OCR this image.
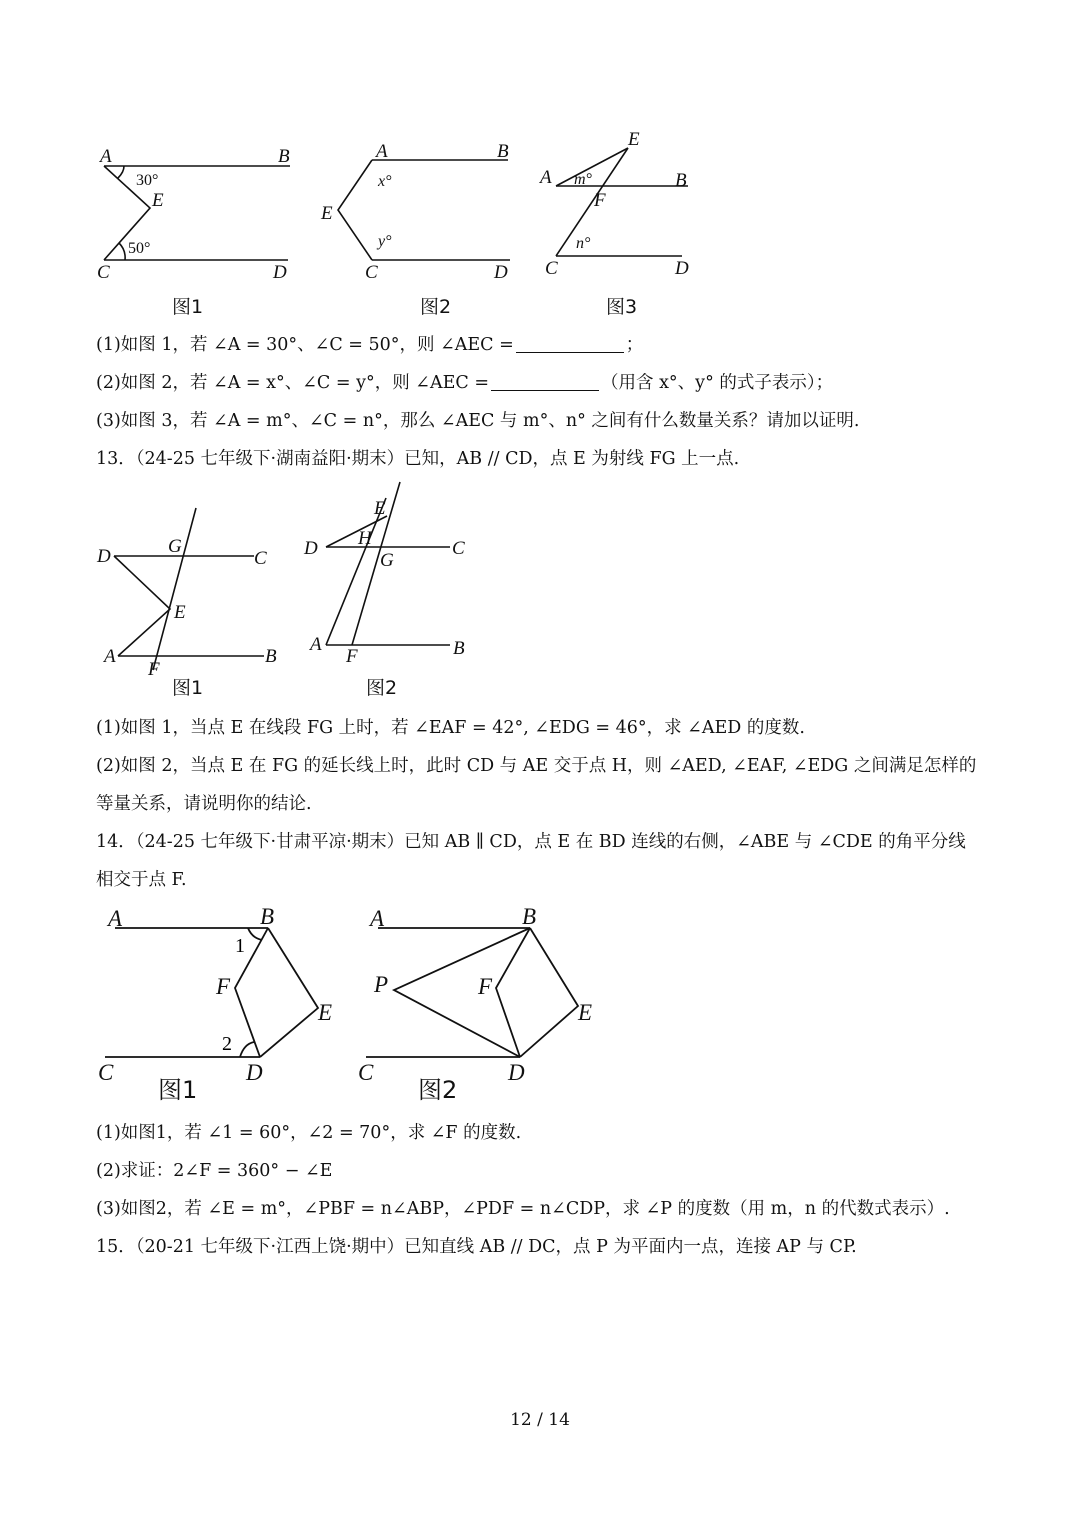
A	B
E
C	D
30°
50°
图1
A	B
E
C	D
x°
y°
图2
A	B
E
F
C	D
m°
n°
图3
(1)如图 1，若 ∠A = 30°、∠C = 50°，则 ∠AEC =	；
(2)如图 2，若 ∠A = x°、∠C = y°，则 ∠AEC =	（用含 x°、y° 的式子表示）；
(3)如图 3，若 ∠A = m°、∠C = n°，那么 ∠AEC 与 m°、n° 之间有什么数量关系？请加以证明.
13．（24-25 七年级下·湖南益阳·期末）已知，AB // CD，点 E 为射线 FG 上一点.
D	G
C
E
A
F
B
图1
D
E
H
G
C
A
F	B
图2
(1)如图 1，当点 E 在线段 FG 上时，若 ∠EAF = 42°, ∠EDG = 46°，求 ∠AED 的度数.
(2)如图 2，当点 E 在 FG 的延长线上时，此时 CD 与 AE 交于点 H，则 ∠AED, ∠EAF, ∠EDG 之间满足怎样的
等量关系，请说明你的结论.
14．（24-25 七年级下·甘肃平凉·期末）已知 AB ∥ CD，点 E 在 BD 连线的右侧，∠ABE 与 ∠CDE 的角平分线
相交于点 F.
A	B
1
F
E
2
C	D
图1
A	B
P	F
E
C	D
图2
(1)如图1，若 ∠1 = 60°，∠2 = 70°，求 ∠F 的度数.
(2)求证：2∠F = 360° − ∠E
(3)如图2，若 ∠E = m°，∠PBF = n∠ABP，∠PDF = n∠CDP，求 ∠P 的度数（用 m，n 的代数式表示）.
15．（20-21 七年级下·江西上饶·期中）已知直线 AB // DC，点 P 为平面内一点，连接 AP 与 CP.
12 / 14
